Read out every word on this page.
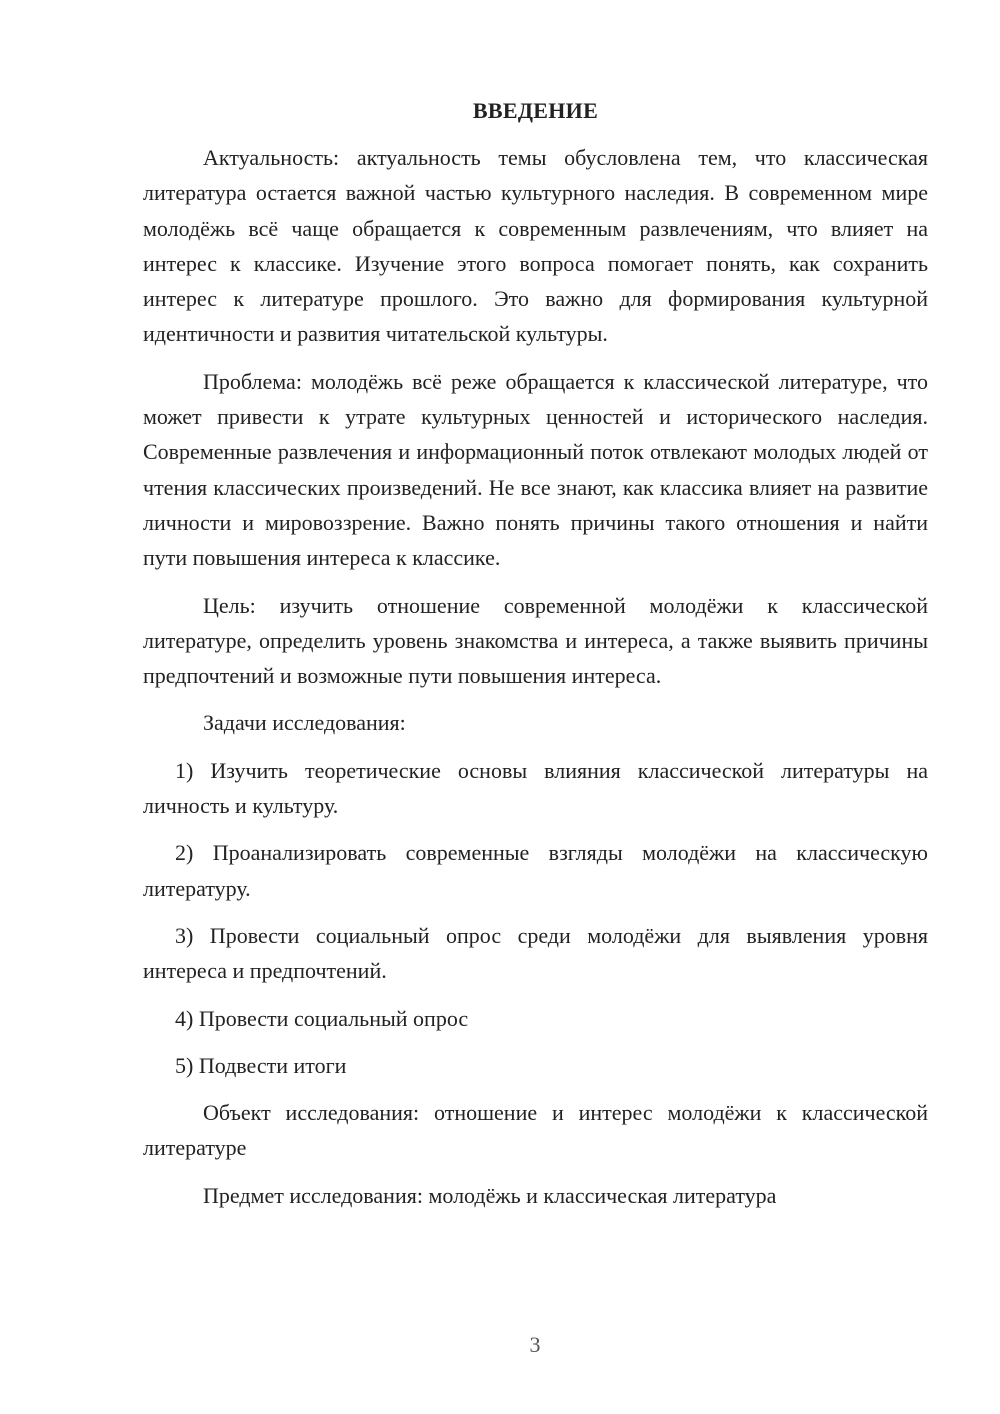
ВВЕДЕНИЕ

Актуальность: актуальность темы обусловлена тем, что классическая литература остается важной частью культурного наследия. В современном мире молодёжь всё чаще обращается к современным развлечениям, что влияет на интерес к классике. Изучение этого вопроса помогает понять, как сохранить интерес к литературе прошлого. Это важно для формирования культурной идентичности и развития читательской культуры.

Проблема: молодёжь всё реже обращается к классической литературе, что может привести к утрате культурных ценностей и исторического наследия. Современные развлечения и информационный поток отвлекают молодых людей от чтения классических произведений. Не все знают, как классика влияет на развитие личности и мировоззрение. Важно понять причины такого отношения и найти пути повышения интереса к классике.

Цель: изучить отношение современной молодёжи к классической литературе, определить уровень знакомства и интереса, а также выявить причины предпочтений и возможные пути повышения интереса.

Задачи исследования:

1) Изучить теоретические основы влияния классической литературы на личность и культуру.

2) Проанализировать современные взгляды молодёжи на классическую литературу.

3) Провести социальный опрос среди молодёжи для выявления уровня интереса и предпочтений.

4) Провести социальный опрос

5) Подвести итоги

Объект исследования: отношение и интерес молодёжи к классической литературе

Предмет исследования: молодёжь и классическая литература

3
